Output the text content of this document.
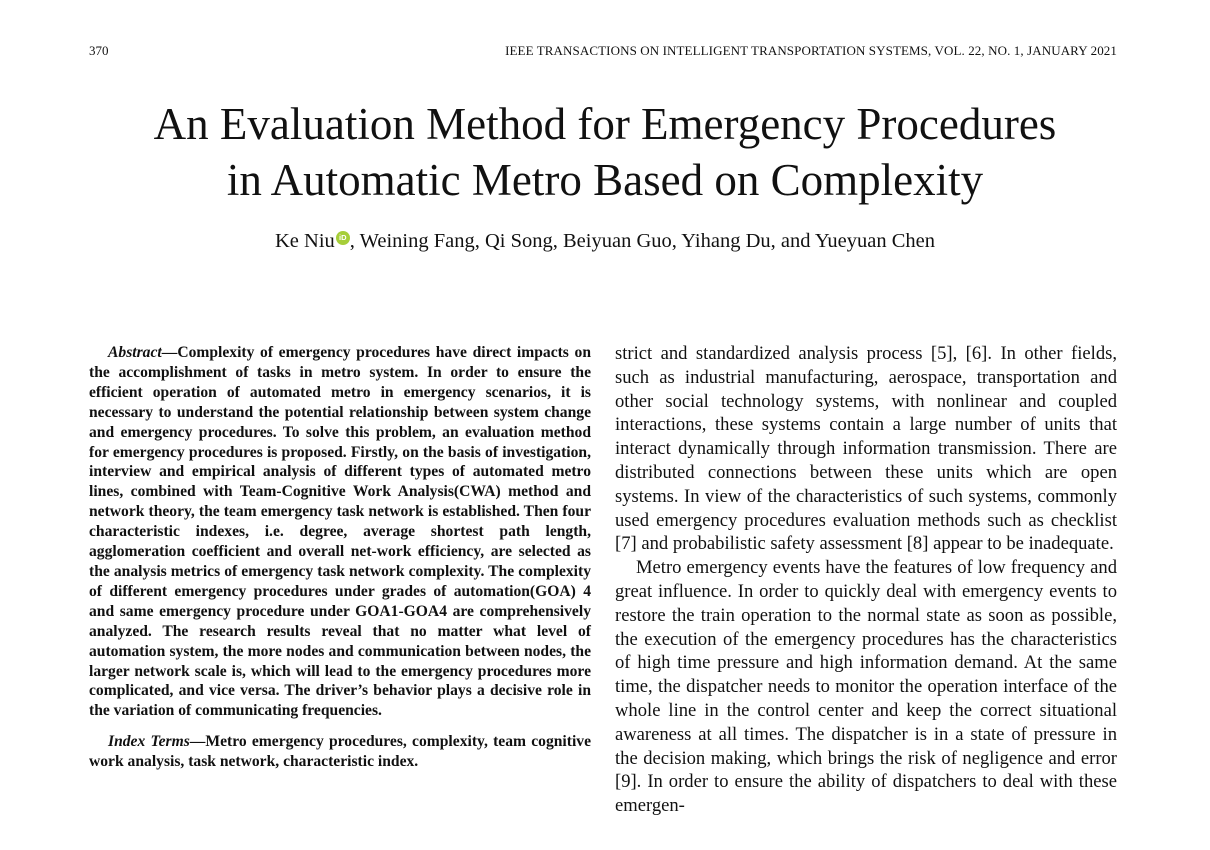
370	IEEE TRANSACTIONS ON INTELLIGENT TRANSPORTATION SYSTEMS, VOL. 22, NO. 1, JANUARY 2021
An Evaluation Method for Emergency Procedures
in Automatic Metro Based on Complexity
Ke Niu iD , Weining Fang, Qi Song, Beiyuan Guo, Yihang Du, and Yueyuan Chen

Abstract—Complexity of emergency procedures have direct impacts on the accomplishment of tasks in metro system. In order to ensure the efficient operation of automated metro in emergency scenarios, it is necessary to understand the potential relationship between system change and emergency procedures. To solve this problem, an evaluation method for emergency procedures is proposed. Firstly, on the basis of investigation, interview and empirical analysis of different types of automated metro lines, combined with Team-Cognitive Work Analysis(CWA) method and network theory, the team emergency task network is established. Then four characteristic indexes, i.e. degree, average shortest path length, agglomeration coefficient and overall net-work efficiency, are selected as the analysis metrics of emergency task network complexity. The complexity of different emergency procedures under grades of automation(GOA) 4 and same emergency procedure under GOA1-GOA4 are comprehensively analyzed. The research results reveal that no matter what level of automation system, the more nodes and communication between nodes, the larger network scale is, which will lead to the emergency procedures more complicated, and vice versa. The driver’s behavior plays a decisive role in the variation of communicating frequencies.

Index Terms—Metro emergency procedures, complexity, team cognitive work analysis, task network, characteristic index.

strict and standardized analysis process [5], [6]. In other fields, such as industrial manufacturing, aerospace, transportation and other social technology systems, with nonlinear and coupled interactions, these systems contain a large number of units that interact dynamically through information transmission. There are distributed connections between these units which are open systems. In view of the characteristics of such systems, commonly used emergency procedures evaluation methods such as checklist [7] and probabilistic safety assessment [8] appear to be inadequate.

Metro emergency events have the features of low frequency and great influence. In order to quickly deal with emergency events to restore the train operation to the normal state as soon as possible, the execution of the emergency procedures has the characteristics of high time pressure and high information demand. At the same time, the dispatcher needs to monitor the operation interface of the whole line in the control center and keep the correct situational awareness at all times. The dispatcher is in a state of pressure in the decision making, which brings the risk of negligence and error [9]. In order to ensure the ability of dispatchers to deal with these emergen-
